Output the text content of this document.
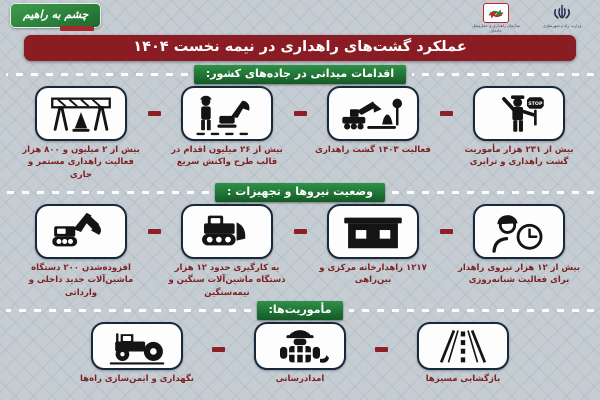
وزارت راه و شهرسازی
سازمان راهداری و حمل‌ونقل جاده‌ای
چشم به راهیم
عملکرد گشت‌های راهداری در نیمه نخست ۱۴۰۴
اقدامات میدانی در جاده‌های کشور:
STOP
بیش از ۲۳۱ هزار مأموریت گشت راهداری و ترابری
فعالیت ۱۴۰۳ گشت راهداری
بیش از ۲۶ میلیون اقدام در قالب طرح واکنش سریع
بیش از ۲ میلیون و ۸۰۰ هزار فعالیت راهداری مستمر و جاری
وضعیت نیروها و تجهیزات :
بیش از ۱۲ هزار نیروی راهدار برای فعالیت شبانه‌روزی
۱۲۱۷ راهدارخانه مرکزی و بین‌راهی
به کارگیری حدود ۱۲ هزار دستگاه ماشین‌آلات سنگین و نیمه‌سنگین
افزوده‌شدن ۲۰۰ دستگاه ماشین‌آلات جدید داخلی و وارداتی
مأموریت‌ها:
بازگشایی مسیرها
امدادرسانی
نگهداری و ایمن‌سازی راه‌ها
